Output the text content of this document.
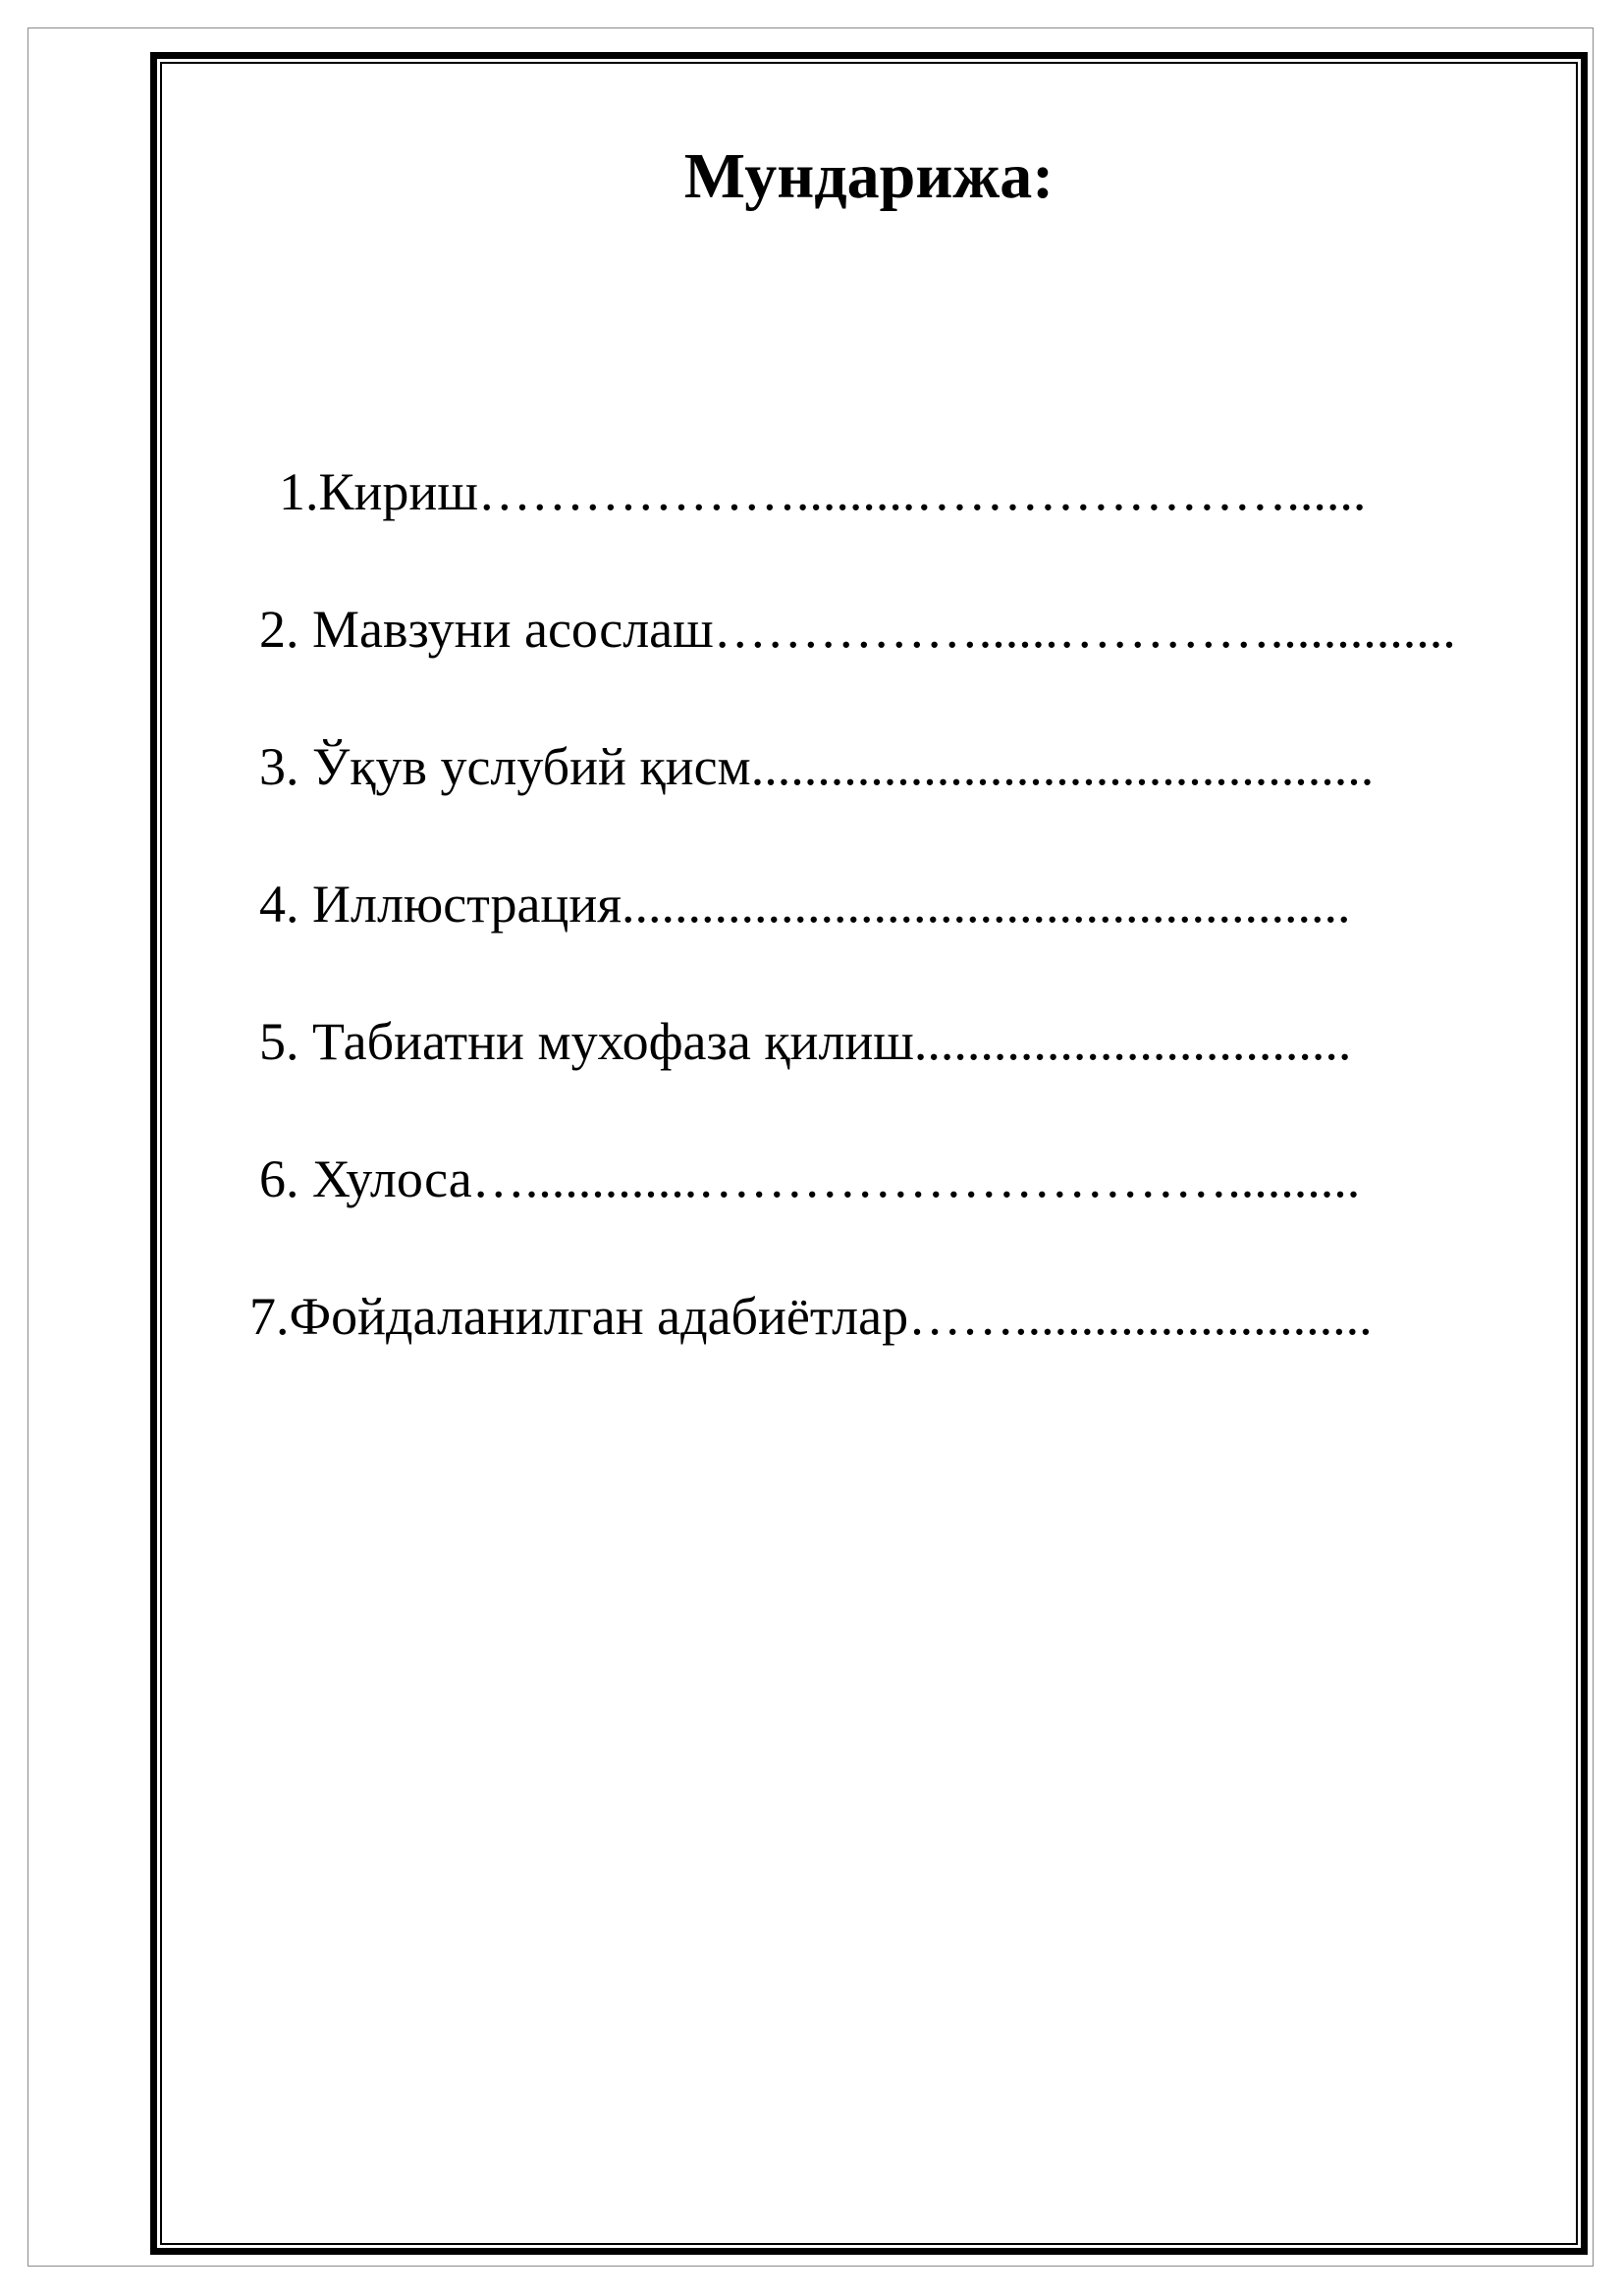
Мундарижа:
1.Кириш……………….........…………………......
2. Мавзуни асослаш……………......…………..............
3. Ўқув услубий қисм...............................................
4. Иллюстрация.......................................................
5. Табиатни мухофаза қилиш.................................
6. Хулоса….............…………………………..........
7.Фойдаланилган адабиётлар……...........................
